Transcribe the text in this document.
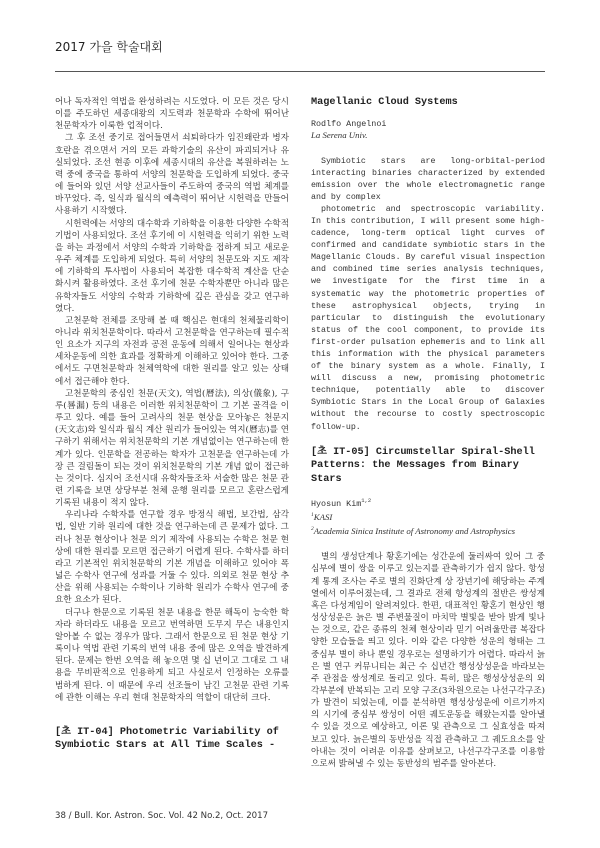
2017 가을 학술대회

어나 독자적인 역법을 완성하려는 시도였다. 이 모든 것은 당시 이를 주도하던 세종대왕의 지도력과 천문학과 수학에 뛰어난 천문학자가 이룩한 업적이다.

그 후 조선 중기로 접어들면서 쇠퇴하다가 임진왜란과 병자호란을 겪으면서 거의 모든 과학기술의 유산이 파괴되거나 유실되었다. 조선 현종 이후에 세종시대의 유산을 복원하려는 노력 중에 중국을 통하여 서양의 천문학을 도입하게 되었다. 중국에 들어와 있던 서양 선교사들이 주도하여 중국의 역법 체계를 바꾸었다. 즉, 일식과 월식의 예측력이 뛰어난 시헌력을 만들어 사용하기 시작했다.

시헌력에는 서양의 대수학과 기하학을 이용한 다양한 수학적 기법이 사용되었다. 조선 후기에 이 시헌력을 익히기 위한 노력을 하는 과정에서 서양의 수학과 기하학을 접하게 되고 새로운 우주 체계를 도입하게 되었다. 특히 서양의 천문도와 지도 제작에 기하학의 투사법이 사용되어 복잡한 대수학적 계산을 단순화시켜 활용하였다. 조선 후기에 천문 수학자뿐만 아니라 많은 유학자들도 서양의 수학과 기하학에 깊은 관심을 갖고 연구하였다.

고천문학 전체를 조망해 볼 때 핵심은 현대의 천체물리학이 아니라 위치천문학이다. 따라서 고천문학을 연구하는데 필수적인 요소가 지구의 자전과 공전 운동에 의해서 일어나는 현상과 세차운동에 의한 효과를 정확하게 이해하고 있어야 한다. 그중에서도 구면천문학과 천체역학에 대한 원리를 알고 있는 상태에서 접근해야 한다.

고천문학의 중심인 천문(天文), 역법(曆法), 의상(儀象), 구루(晷漏) 등의 내용은 이러한 위치천문학이 그 기본 골격을 이루고 있다. 예를 들어 고려사의 천문 현상을 모아놓은 천문지(天文志)와 일식과 월식 계산 원리가 들어있는 역지(曆志)를 연구하기 위해서는 위치천문학의 기본 개념없이는 연구하는데 한계가 있다. 인문학을 전공하는 학자가 고천문을 연구하는데 가장 큰 걸림돌이 되는 것이 위치천문학의 기본 개념 없이 접근하는 것이다. 심지어 조선시대 유학자들조차 서술한 많은 천문 관련 기록을 보면 상당부분 천체 운행 원리를 모르고 혼란스럽게 기록된 내용이 적지 않다.

우리나라 수학자를 연구할 경우 방정식 해법, 보간법, 삼각법, 일반 기하 원리에 대한 것을 연구하는데 큰 문제가 없다. 그러나 천문 현상이나 천문 의기 제작에 사용되는 수학은 천문 현상에 대한 원리를 모르면 접근하기 어렵게 된다. 수학사를 하더라고 기본적인 위치천문학의 기본 개념을 이해하고 있어야 폭 넓은 수학사 연구에 성과를 거둘 수 있다. 의외로 천문 현상 추산을 위해 사용되는 수학이나 기하학 원리가 수학사 연구에 중요한 요소가 된다.

더구나 한문으로 기록된 천문 내용을 한문 해독이 능숙한 학자라 하더라도 내용을 모르고 번역하면 도무지 무슨 내용인지 알아볼 수 없는 경우가 많다. 그래서 한문으로 된 천문 현상 기록이나 역법 관련 기록의 번역 내용 중에 많은 오역을 발견하게 된다. 문제는 한번 오역을 해 놓으면 몇 십 년이고 그대로 그 내용을 무비판적으로 인용하게 되고 사실로서 인정하는 오류를 범하게 된다. 이 때문에 우리 선조들이 남긴 고천문 관련 기록에 관한 이해는 우리 현대 천문학자의 역할이 대단히 크다.

[초 IT-04] Photometric Variability of Symbiotic Stars at All Time Scales -

Magellanic Cloud Systems

Rodlfo Angelnoi

La Serena Univ.

Symbiotic stars are long-orbital-period interacting binaries characterized by extended emission over the whole electromagnetic range and by complex

photometric and spectroscopic variability. In this contribution, I will present some high-cadence, long-term optical light curves of confirmed and candidate symbiotic stars in the Magellanic Clouds. By careful visual inspection and combined time series analysis techniques, we investigate for the first time in a systematic way the photometric properties of these astrophysical objects, trying in particular to distinguish the evolutionary status of the cool component, to provide its first-order pulsation ephemeris and to link all this information with the physical parameters of the binary system as a whole. Finally, I will discuss a new, promising photometric technique, potentially able to discover Symbiotic Stars in the Local Group of Galaxies without the recourse to costly spectroscopic follow-up.

[초 IT-05] Circumstellar Spiral-Shell Patterns: the Messages from Binary Stars

Hyosun Kim$^{1,2}$

$^1$KASI

$^2$Academia Sinica Institute of Astronomy and Astrophysics

별의 생성단계나 황혼기에는 성간운에 둘러싸여 있어 그 중심부에 별이 쌍을 이루고 있는지를 관측하기가 쉽지 않다. 항성계 통계 조사는 주로 별의 진화단계 상 장년기에 해당하는 주계열에서 이루어졌는데, 그 결과로 전체 항성계의 절반은 쌍성계 혹은 다성계임이 알려져있다. 한편, 대표적인 황혼기 현상인 행성상성운은 늙은 별 주변물질이 마치막 별빛을 받아 밝게 빛나는 것으로, 같은 종류의 천체 현상이라 믿기 어려울만큼 복잡다양한 모습들을 띄고 있다. 이와 같은 다양한 성운의 형태는 그 중심부 별이 하나 뿐일 경우로는 설명하기가 어렵다. 따라서 늙은 별 연구 커뮤니티는 최근 수 십년간 행성상성운을 바라보는 주 관점을 쌍성계로 돌리고 있다. 특히, 많은 행성상성운의 외각부분에 반복되는 고리 모양 구조(3차원으로는 나선구각구조)가 발견이 되었는데, 이를 분석하면 행성상성운에 이르기까지의 시기에 중심부 쌍성이 어떤 궤도운동을 해왔는지를 알아낼 수 있을 것으로 예상하고, 이론 및 관측으로 그 실효성을 따져보고 있다. 늙은별의 동반성을 직접 관측하고 그 궤도요소를 알아내는 것이 어려운 이유를 살펴보고, 나선구각구조를 이용함으로써 밝혀낼 수 있는 동반성의 범주를 알아본다.

38 / Bull. Kor. Astron. Soc. Vol. 42 No.2, Oct. 2017
